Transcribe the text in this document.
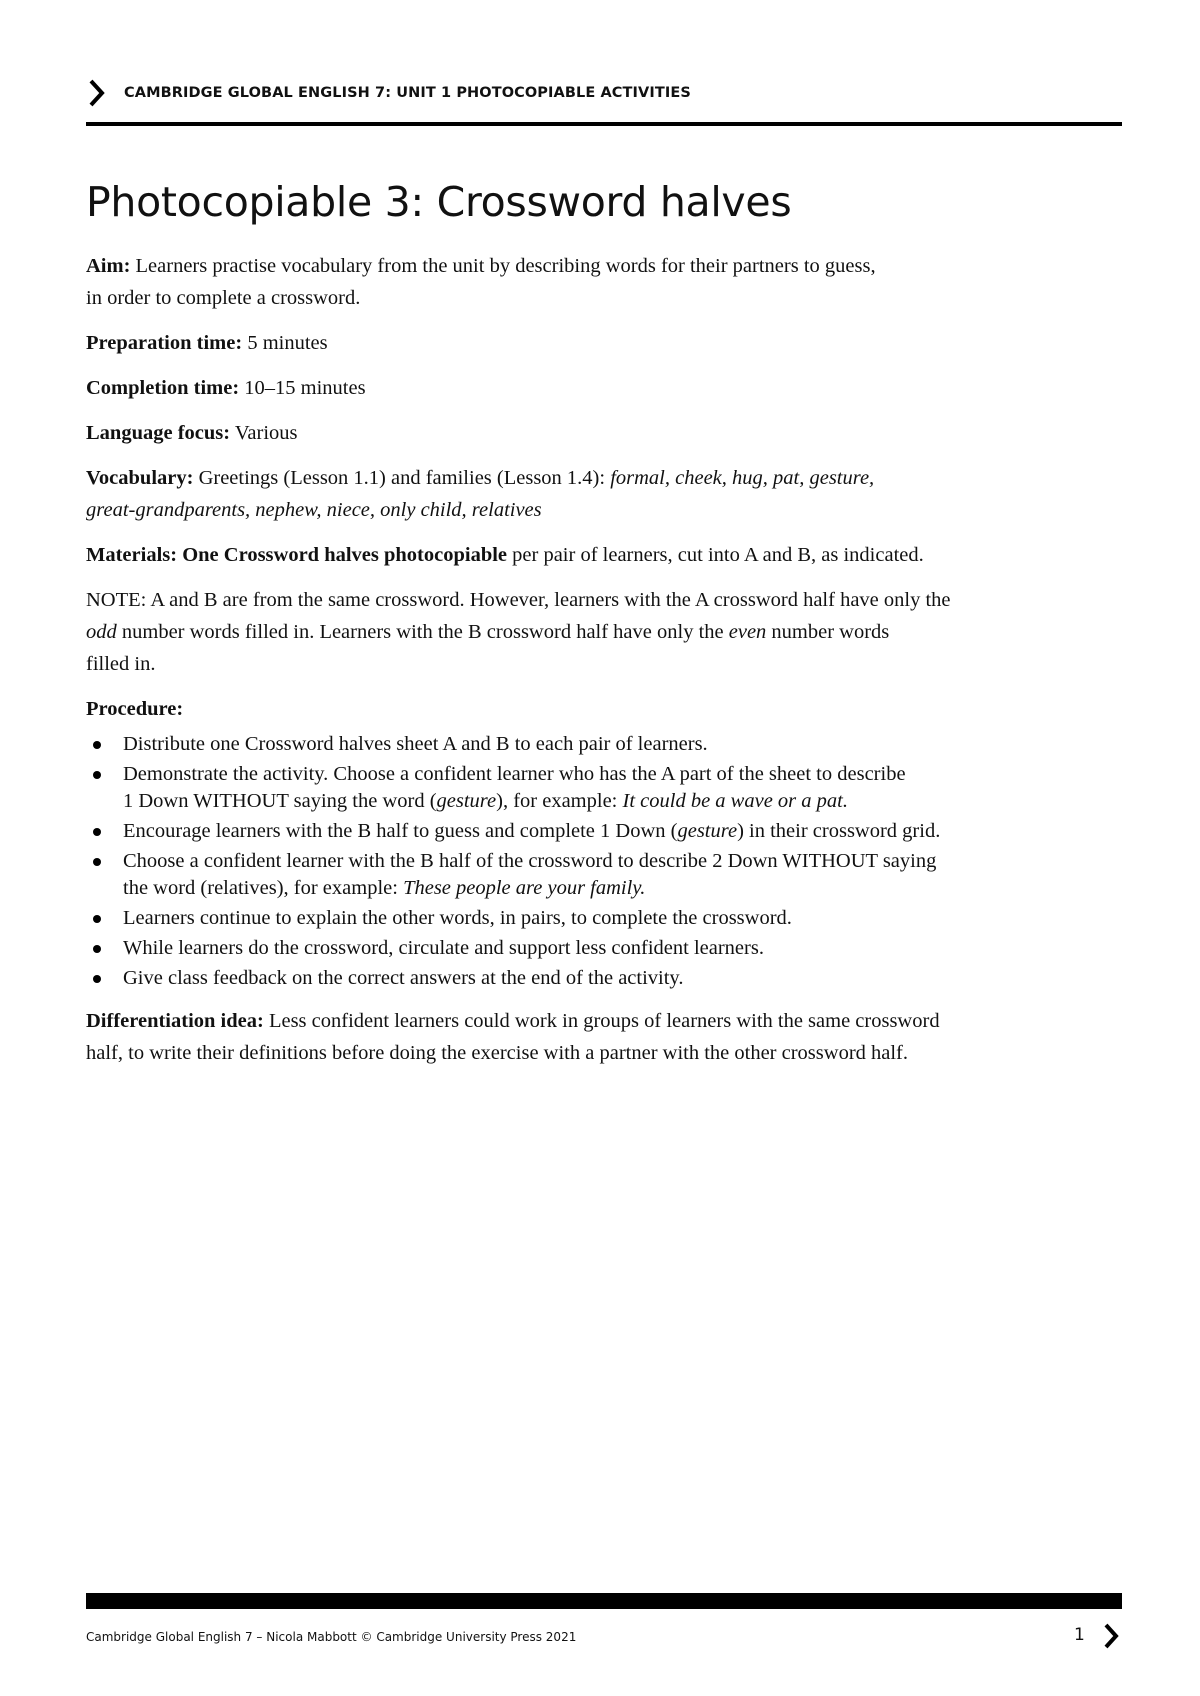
CAMBRIDGE GLOBAL ENGLISH 7: UNIT 1 PHOTOCOPIABLE ACTIVITIES
Photocopiable 3: Crossword halves

Aim: Learners practise vocabulary from the unit by describing words for their partners to guess,
in order to complete a crossword.

Preparation time: 5 minutes

Completion time: 10–15 minutes

Language focus: Various

Vocabulary: Greetings (Lesson 1.1) and families (Lesson 1.4): formal, cheek, hug, pat, gesture,
great-grandparents, nephew, niece, only child, relatives

Materials: One Crossword halves photocopiable per pair of learners, cut into A and B, as indicated.

NOTE: A and B are from the same crossword. However, learners with the A crossword half have only the
odd number words filled in. Learners with the B crossword half have only the even number words
filled in.

Procedure:

Distribute one Crossword halves sheet A and B to each pair of learners.
Demonstrate the activity. Choose a confident learner who has the A part of the sheet to describe
1 Down WITHOUT saying the word (gesture), for example: It could be a wave or a pat.
Encourage learners with the B half to guess and complete 1 Down (gesture) in their crossword grid.
Choose a confident learner with the B half of the crossword to describe 2 Down WITHOUT saying
the word (relatives), for example: These people are your family.
Learners continue to explain the other words, in pairs, to complete the crossword.
While learners do the crossword, circulate and support less confident learners.
Give class feedback on the correct answers at the end of the activity.

Differentiation idea: Less confident learners could work in groups of learners with the same crossword
half, to write their definitions before doing the exercise with a partner with the other crossword half.

Cambridge Global English 7 – Nicola Mabbott © Cambridge University Press 2021	1
